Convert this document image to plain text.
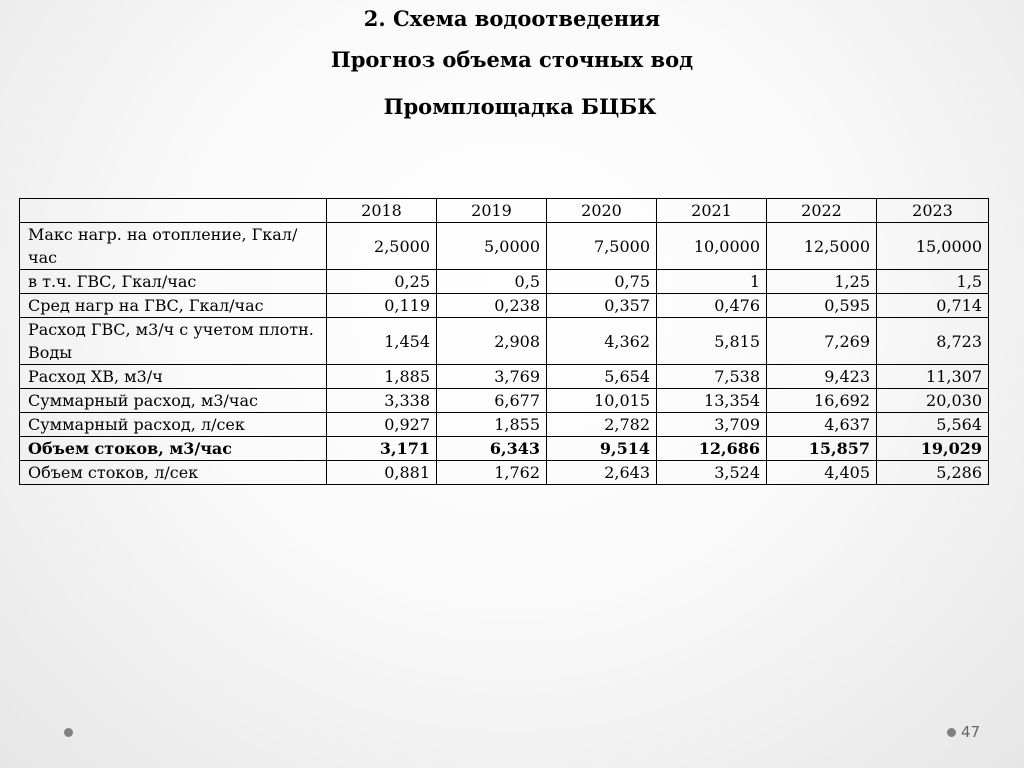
2. Схема водоотведения
Прогноз объема сточных вод
Промплощадка БЦБК
	2018	2019	2020	2021	2022	2023
Макс нагр. на отопление, Гкал/час	2,5000	5,0000	7,5000	10,0000	12,5000	15,0000
в т.ч. ГВС, Гкал/час	0,25	0,5	0,75	1	1,25	1,5
Сред нагр на ГВС, Гкал/час	0,119	0,238	0,357	0,476	0,595	0,714
Расход ГВС, м3/ч с учетом плотн. Воды	1,454	2,908	4,362	5,815	7,269	8,723
Расход ХВ, м3/ч	1,885	3,769	5,654	7,538	9,423	11,307
Суммарный расход, м3/час	3,338	6,677	10,015	13,354	16,692	20,030
Суммарный расход, л/сек	0,927	1,855	2,782	3,709	4,637	5,564
Объем стоков, м3/час	3,171	6,343	9,514	12,686	15,857	19,029
Объем стоков, л/сек	0,881	1,762	2,643	3,524	4,405	5,286
47
